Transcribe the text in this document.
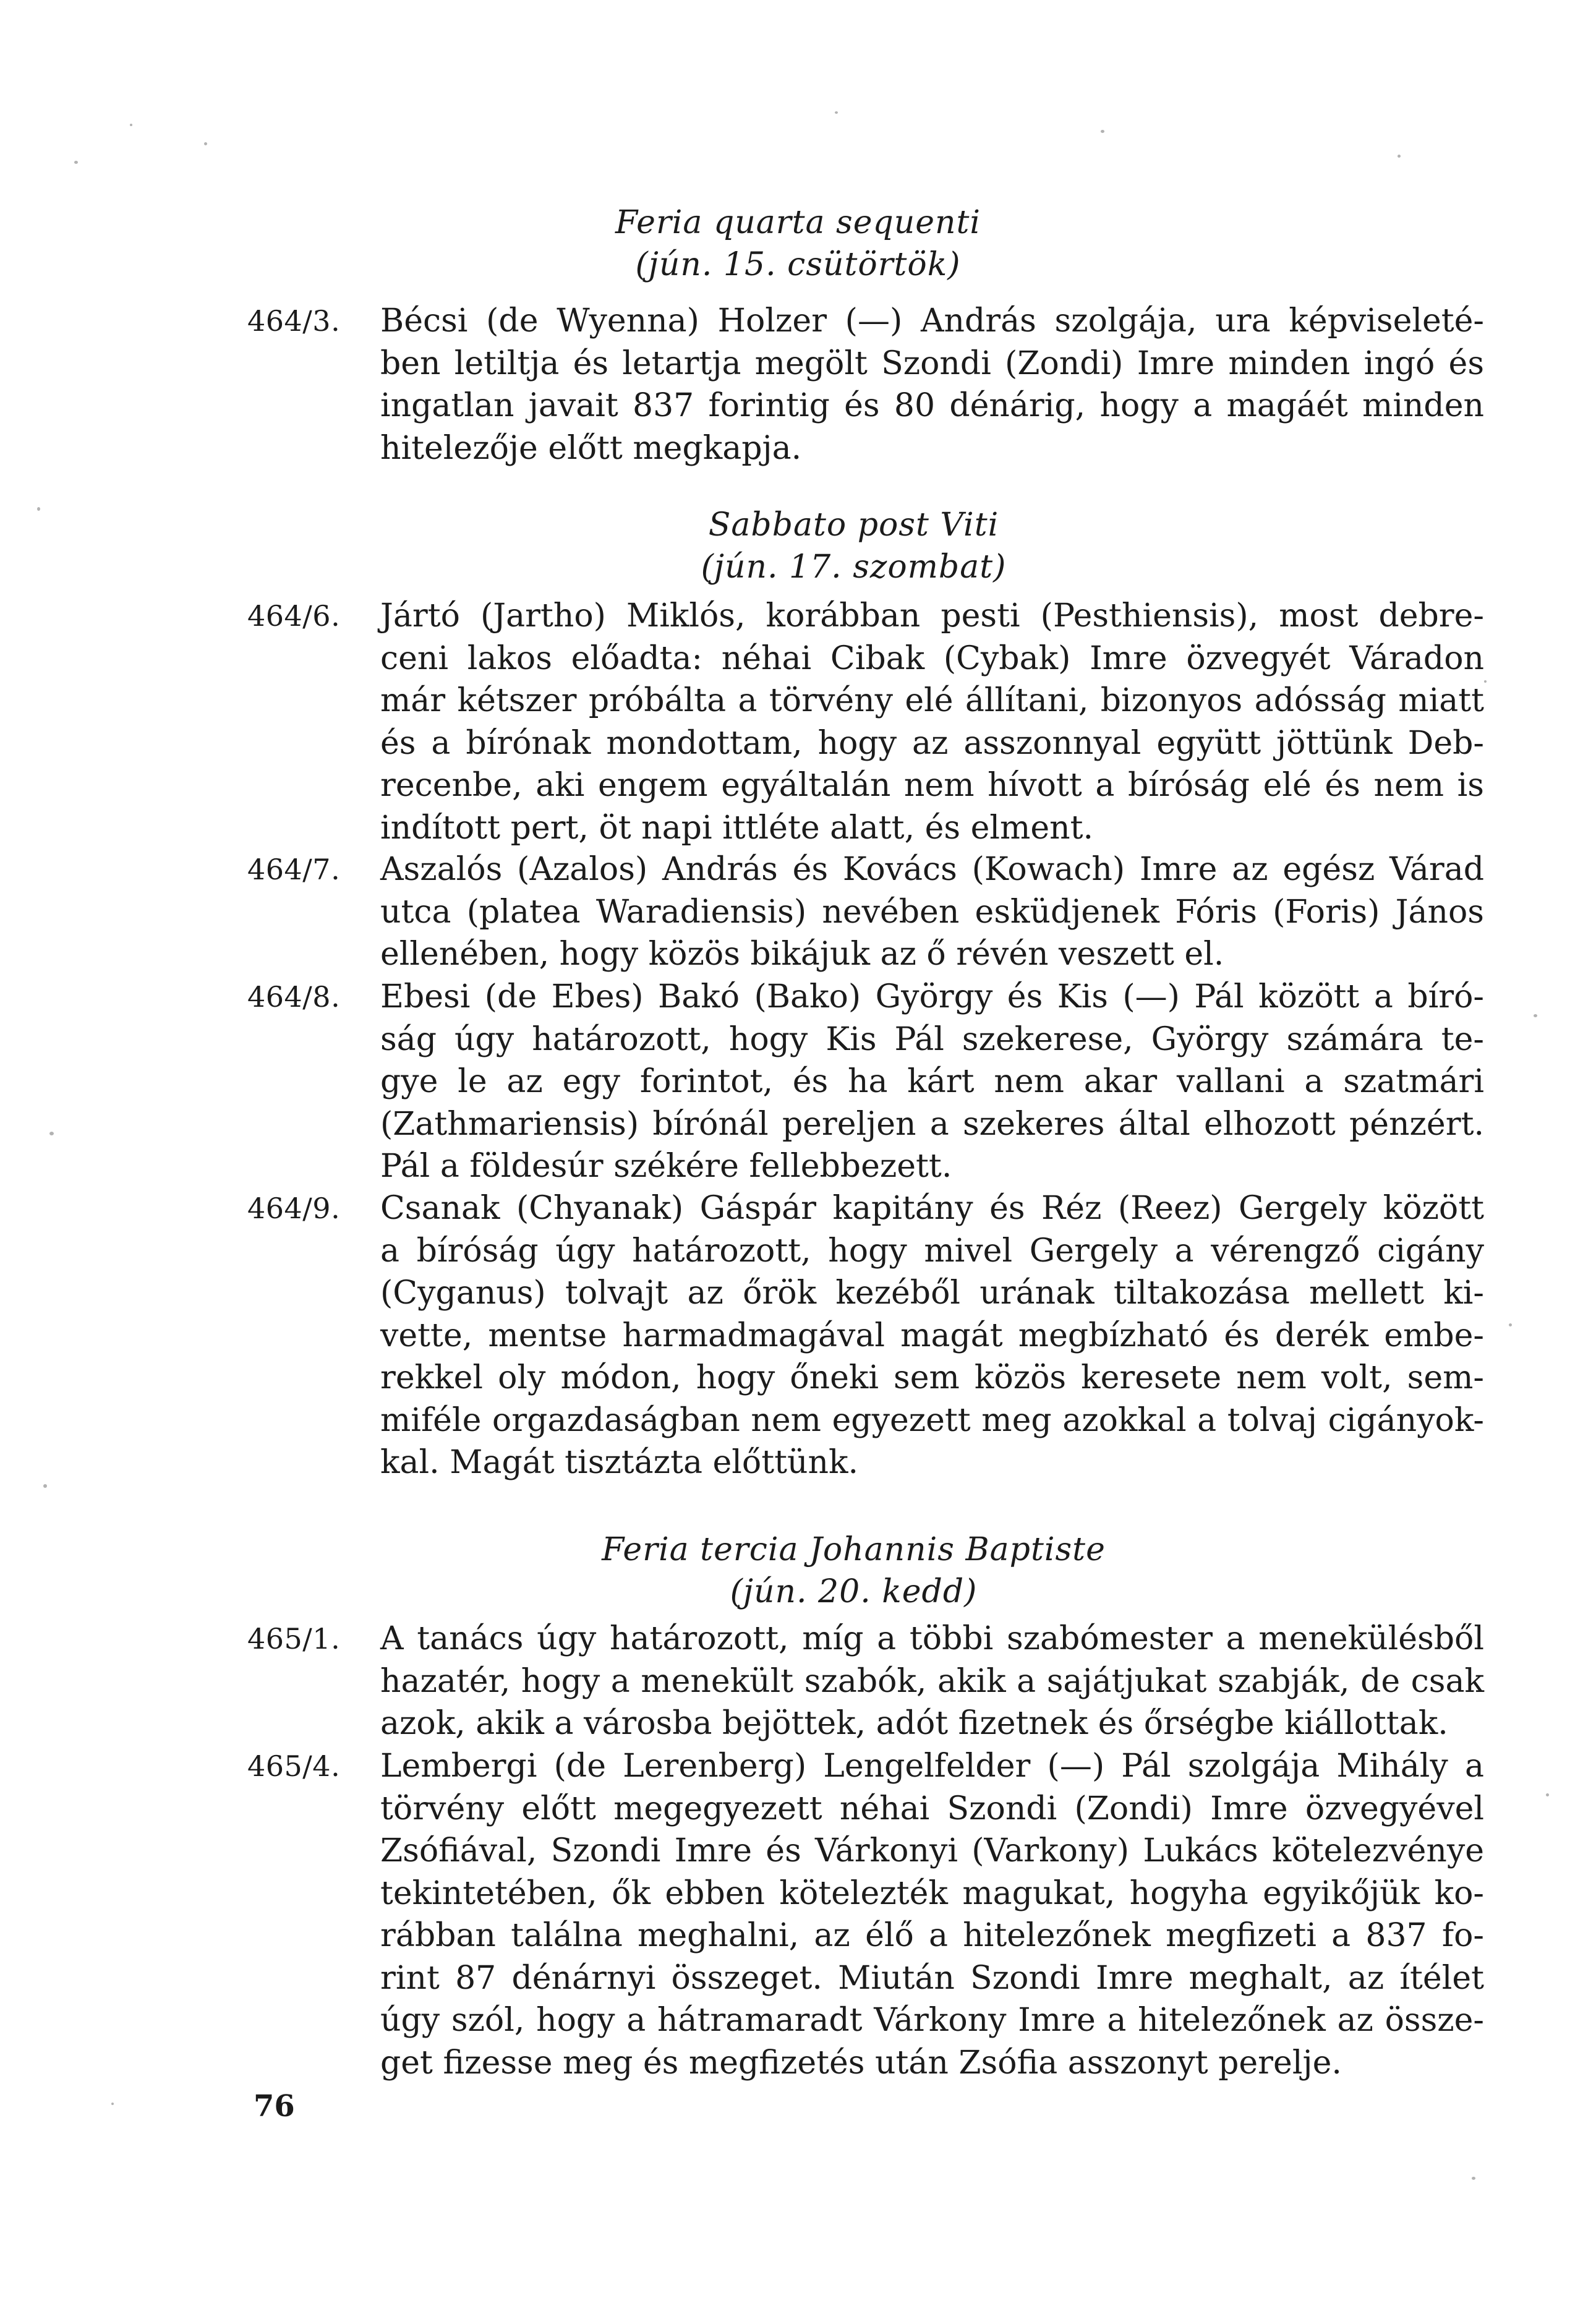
Feria quarta sequenti
(jún. 15. csütörtök)
464/3.	Bécsi (de Wyenna) Holzer (—) András szolgája, ura képviseleté-
ben letiltja és letartja megölt Szondi (Zondi) Imre minden ingó és
ingatlan javait 837 forintig és 80 dénárig, hogy a magáét minden
hitelezője előtt megkapja.
Sabbato post Viti
(jún. 17. szombat)
464/6.	Jártó (Jartho) Miklós, korábban pesti (Pesthiensis), most debre-
ceni lakos előadta: néhai Cibak (Cybak) Imre özvegyét Váradon
már kétszer próbálta a törvény elé állítani, bizonyos adósság miatt
és a bírónak mondottam, hogy az asszonnyal együtt jöttünk Deb-
recenbe, aki engem egyáltalán nem hívott a bíróság elé és nem is
indított pert, öt napi ittléte alatt, és elment.
464/7.	Aszalós (Azalos) András és Kovács (Kowach) Imre az egész Várad
utca (platea Waradiensis) nevében esküdjenek Fóris (Foris) János
ellenében, hogy közös bikájuk az ő révén veszett el.
464/8.	Ebesi (de Ebes) Bakó (Bako) György és Kis (—) Pál között a bíró-
ság úgy határozott, hogy Kis Pál szekerese, György számára te-
gye le az egy forintot, és ha kárt nem akar vallani a szatmári
(Zathmariensis) bírónál pereljen a szekeres által elhozott pénzért.
Pál a földesúr székére fellebbezett.
464/9.	Csanak (Chyanak) Gáspár kapitány és Réz (Reez) Gergely között
a bíróság úgy határozott, hogy mivel Gergely a vérengző cigány
(Cyganus) tolvajt az őrök kezéből urának tiltakozása mellett ki-
vette, mentse harmadmagával magát megbízható és derék embe-
rekkel oly módon, hogy őneki sem közös keresete nem volt, sem-
miféle orgazdaságban nem egyezett meg azokkal a tolvaj cigányok-
kal. Magát tisztázta előttünk.
Feria tercia Johannis Baptiste
(jún. 20. kedd)
465/1.	A tanács úgy határozott, míg a többi szabómester a menekülésből
hazatér, hogy a menekült szabók, akik a sajátjukat szabják, de csak
azok, akik a városba bejöttek, adót fizetnek és őrségbe kiállottak.
465/4.	Lembergi (de Lerenberg) Lengelfelder (—) Pál szolgája Mihály a
törvény előtt megegyezett néhai Szondi (Zondi) Imre özvegyével
Zsófiával, Szondi Imre és Várkonyi (Varkony) Lukács kötelezvénye
tekintetében, ők ebben kötelezték magukat, hogyha egyikőjük ko-
rábban találna meghalni, az élő a hitelezőnek megfizeti a 837 fo-
rint 87 dénárnyi összeget. Miután Szondi Imre meghalt, az ítélet
úgy szól, hogy a hátramaradt Várkony Imre a hitelezőnek az össze-
get fizesse meg és megfizetés után Zsófia asszonyt perelje.
76
